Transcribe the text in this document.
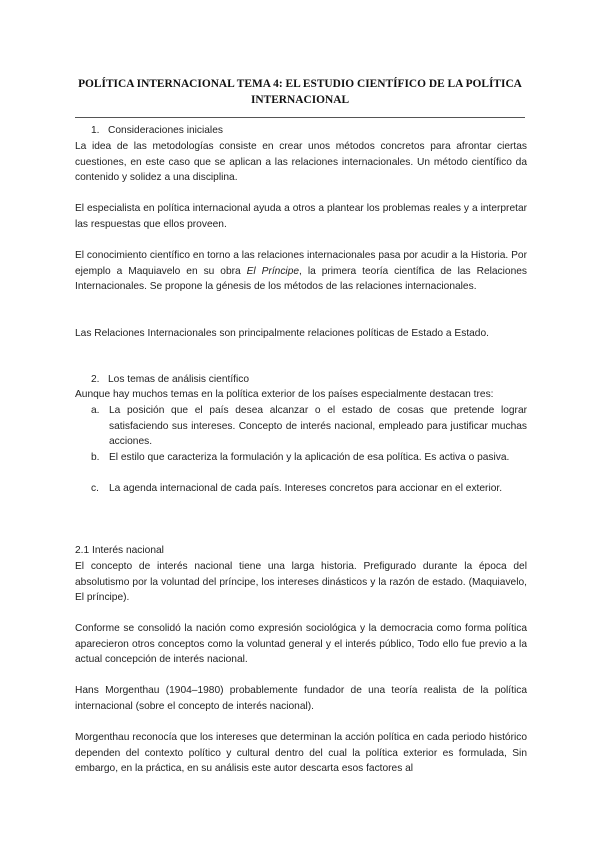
POLÍTICA INTERNACIONAL TEMA 4: EL ESTUDIO CIENTÍFICO DE LA POLÍTICA INTERNACIONAL
1. Consideraciones iniciales
La idea de las metodologías consiste en crear unos métodos concretos para afrontar ciertas cuestiones, en este caso que se aplican a las relaciones internacionales. Un método científico da contenido y solidez a una disciplina.
El especialista en política internacional ayuda a otros a plantear los problemas reales y a interpretar las respuestas que ellos proveen.
El conocimiento científico en torno a las relaciones internacionales pasa por acudir a la Historia. Por ejemplo a Maquiavelo en su obra El Príncipe, la primera teoría científica de las Relaciones Internacionales. Se propone la génesis de los métodos de las relaciones internacionales.
Las Relaciones Internacionales son principalmente relaciones políticas de Estado a Estado.
2. Los temas de análisis científico
Aunque hay muchos temas en la política exterior de los países especialmente destacan tres:
a. La posición que el país desea alcanzar o el estado de cosas que pretende lograr satisfaciendo sus intereses. Concepto de interés nacional, empleado para justificar muchas acciones.
b. El estilo que caracteriza la formulación y la aplicación de esa política. Es activa o pasiva.
c. La agenda internacional de cada país. Intereses concretos para accionar en el exterior.
2.1 Interés nacional
El concepto de interés nacional tiene una larga historia. Prefigurado durante la época del absolutismo por la voluntad del príncipe, los intereses dinásticos y la razón de estado. (Maquiavelo, El príncipe).
Conforme se consolidó la nación como expresión sociológica y la democracia como forma política aparecieron otros conceptos como la voluntad general y el interés público, Todo ello fue previo a la actual concepción de interés nacional.
Hans Morgenthau (1904–1980) probablemente fundador de una teoría realista de la política internacional (sobre el concepto de interés nacional).
Morgenthau reconocía que los intereses que determinan la acción política en cada periodo histórico dependen del contexto político y cultural dentro del cual la política exterior es formulada, Sin embargo, en la práctica, en su análisis este autor descarta esos factores al
